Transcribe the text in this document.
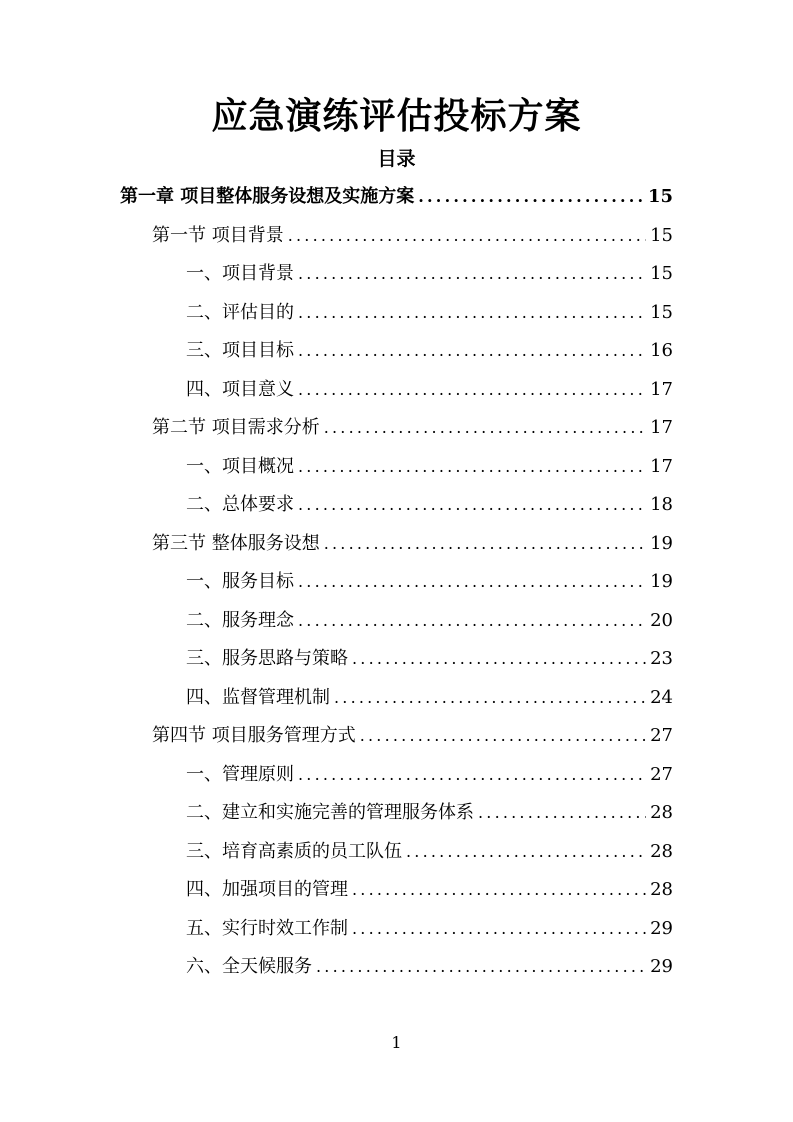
应急演练评估投标方案
目录
第一章 项目整体服务设想及实施方案 .....	15
第一节 项目背景 .....	15
一、项目背景 .....	15
二、评估目的 .....	15
三、项目目标 .....	16
四、项目意义 .....	17
第二节 项目需求分析 .....	17
一、项目概况 .....	17
二、总体要求 .....	18
第三节 整体服务设想 .....	19
一、服务目标 .....	19
二、服务理念 .....	20
三、服务思路与策略 .....	23
四、监督管理机制 .....	24
第四节 项目服务管理方式 .....	27
一、管理原则 .....	27
二、建立和实施完善的管理服务体系 .....	28
三、培育高素质的员工队伍 .....	28
四、加强项目的管理 .....	28
五、实行时效工作制 .....	29
六、全天候服务 .....	29
1
